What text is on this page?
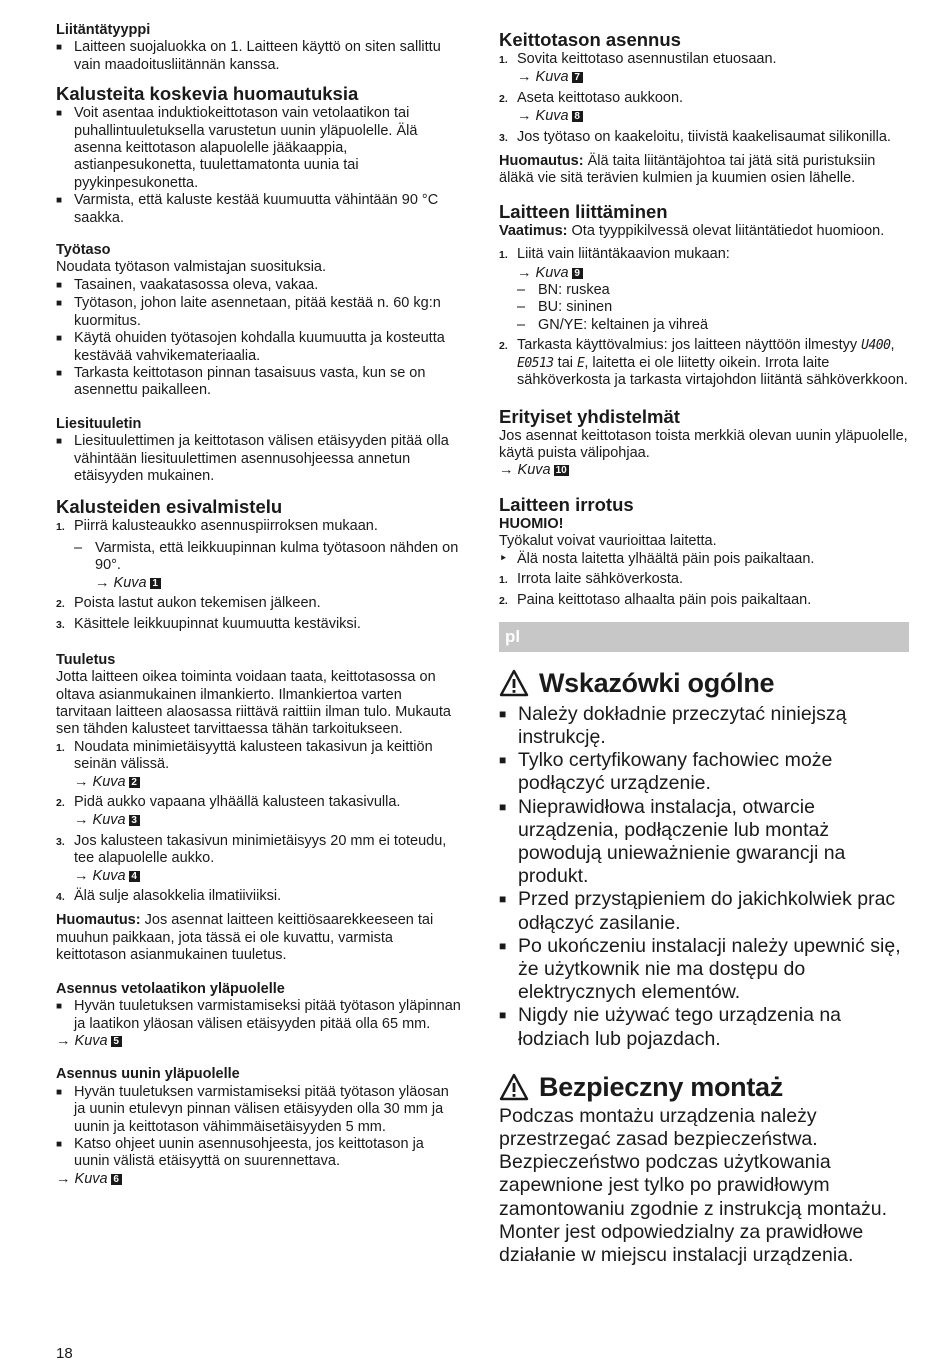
Liitäntätyyppi

■ Laitteen suojaluokka on 1. Laitteen käyttö on siten sallittu vain maadoitusliitännän kanssa.

Kalusteita koskevia huomautuksia

■ Voit asentaa induktiokeittotason vain vetolaatikon tai puhallintuuletuksella varustetun uunin yläpuolelle. Älä asenna keittotason alapuolelle jääkaappia, astianpesukonetta, tuulettamatonta uunia tai pyykinpesukonetta.
■ Varmista, että kaluste kestää kuumuutta vähintään 90 °C saakka.

Työtaso

Noudata työtason valmistajan suosituksia.

■ Tasainen, vaakatasossa oleva, vakaa.
■ Työtason, johon laite asennetaan, pitää kestää n. 60 kg:n kuormitus.
■ Käytä ohuiden työtasojen kohdalla kuumuutta ja kosteutta kestävää vahvikemateriaalia.
■ Tarkasta keittotason pinnan tasaisuus vasta, kun se on asennettu paikalleen.

Liesituuletin

■ Liesituulettimen ja keittotason välisen etäisyyden pitää olla vähintään liesituulettimen asennusohjeessa annetun etäisyyden mukainen.

Kalusteiden esivalmistelu

1. Piirrä kalusteaukko asennuspiirroksen mukaan.
– Varmista, että leikkuupinnan kulma työtasoon nähden on 90°.
→ Kuva 1
2. Poista lastut aukon tekemisen jälkeen.
3. Käsittele leikkuupinnat kuumuutta kestäviksi.

Tuuletus

Jotta laitteen oikea toiminta voidaan taata, keittotasossa on oltava asianmukainen ilmankierto. Ilmankiertoa varten tarvitaan laitteen alaosassa riittävä raittiin ilman tulo. Mukauta sen tähden kalusteet tarvittaessa tähän tarkoitukseen.

1. Noudata minimietäisyyttä kalusteen takasivun ja keittiön seinän välissä.
→ Kuva 2
2. Pidä aukko vapaana ylhäällä kalusteen takasivulla.
→ Kuva 3
3. Jos kalusteen takasivun minimietäisyys 20 mm ei toteudu, tee alapuolelle aukko.
→ Kuva 4
4. Älä sulje alasokkelia ilmatiiviiksi.

Huomautus: Jos asennat laitteen keittiösaarekkeeseen tai muuhun paikkaan, jota tässä ei ole kuvattu, varmista keittotason asianmukainen tuuletus.

Asennus vetolaatikon yläpuolelle

■ Hyvän tuuletuksen varmistamiseksi pitää työtason yläpinnan ja laatikon yläosan välisen etäisyyden pitää olla 65 mm.
→ Kuva 5

Asennus uunin yläpuolelle

■ Hyvän tuuletuksen varmistamiseksi pitää työtason yläosan ja uunin etulevyn pinnan välisen etäisyyden olla 30 mm ja uunin ja keittotason vähimmäisetäisyyden 5 mm.
■ Katso ohjeet uunin asennusohjeesta, jos keittotason ja uunin välistä etäisyyttä on suurennettava.
→ Kuva 6

Keittotason asennus

1. Sovita keittotaso asennustilan etuosaan.
→ Kuva 7
2. Aseta keittotaso aukkoon.
→ Kuva 8
3. Jos työtaso on kaakeloitu, tiivistä kaakelisaumat silikonilla.

Huomautus: Älä taita liitäntäjohtoa tai jätä sitä puristuksiin äläkä vie sitä terävien kulmien ja kuumien osien lähelle.

Laitteen liittäminen

Vaatimus: Ota tyyppikilvessä olevat liitäntätiedot huomioon.

1. Liitä vain liitäntäkaavion mukaan:
→ Kuva 9
– BN: ruskea
– BU: sininen
– GN/YE: keltainen ja vihreä
2. Tarkasta käyttövalmius: jos laitteen näyttöön ilmestyy U400, E0513 tai E, laitetta ei ole liitetty oikein. Irrota laite sähköverkosta ja tarkasta virtajohdon liitäntä sähköverkkoon.

Erityiset yhdistelmät

Jos asennat keittotason toista merkkiä olevan uunin yläpuolelle, käytä puista välipohjaa.

→ Kuva 10

Laitteen irrotus

HUOMIO!

Työkalut voivat vaurioittaa laitetta.

‣ Älä nosta laitetta ylhäältä päin pois paikaltaan.
1. Irrota laite sähköverkosta.
2. Paina keittotaso alhaalta päin pois paikaltaan.
pl

Wskazówki ogólne

■ Należy dokładnie przeczytać niniejszą instrukcję.
■ Tylko certyfikowany fachowiec może podłączyć urządzenie.
■ Nieprawidłowa instalacja, otwarcie urządzenia, podłączenie lub montaż powodują unieważnienie gwarancji na produkt.
■ Przed przystąpieniem do jakichkolwiek prac odłączyć zasilanie.
■ Po ukończeniu instalacji należy upewnić się, że użytkownik nie ma dostępu do elektrycznych elementów.
■ Nigdy nie używać tego urządzenia na łodziach lub pojazdach.

Bezpieczny montaż

Podczas montażu urządzenia należy przestrzegać zasad bezpieczeństwa. Bezpieczeństwo podczas użytkowania zapewnione jest tylko po prawidłowym zamontowaniu zgodnie z instrukcją montażu. Monter jest odpowiedzialny za prawidłowe działanie w miejscu instalacji urządzenia.

18
